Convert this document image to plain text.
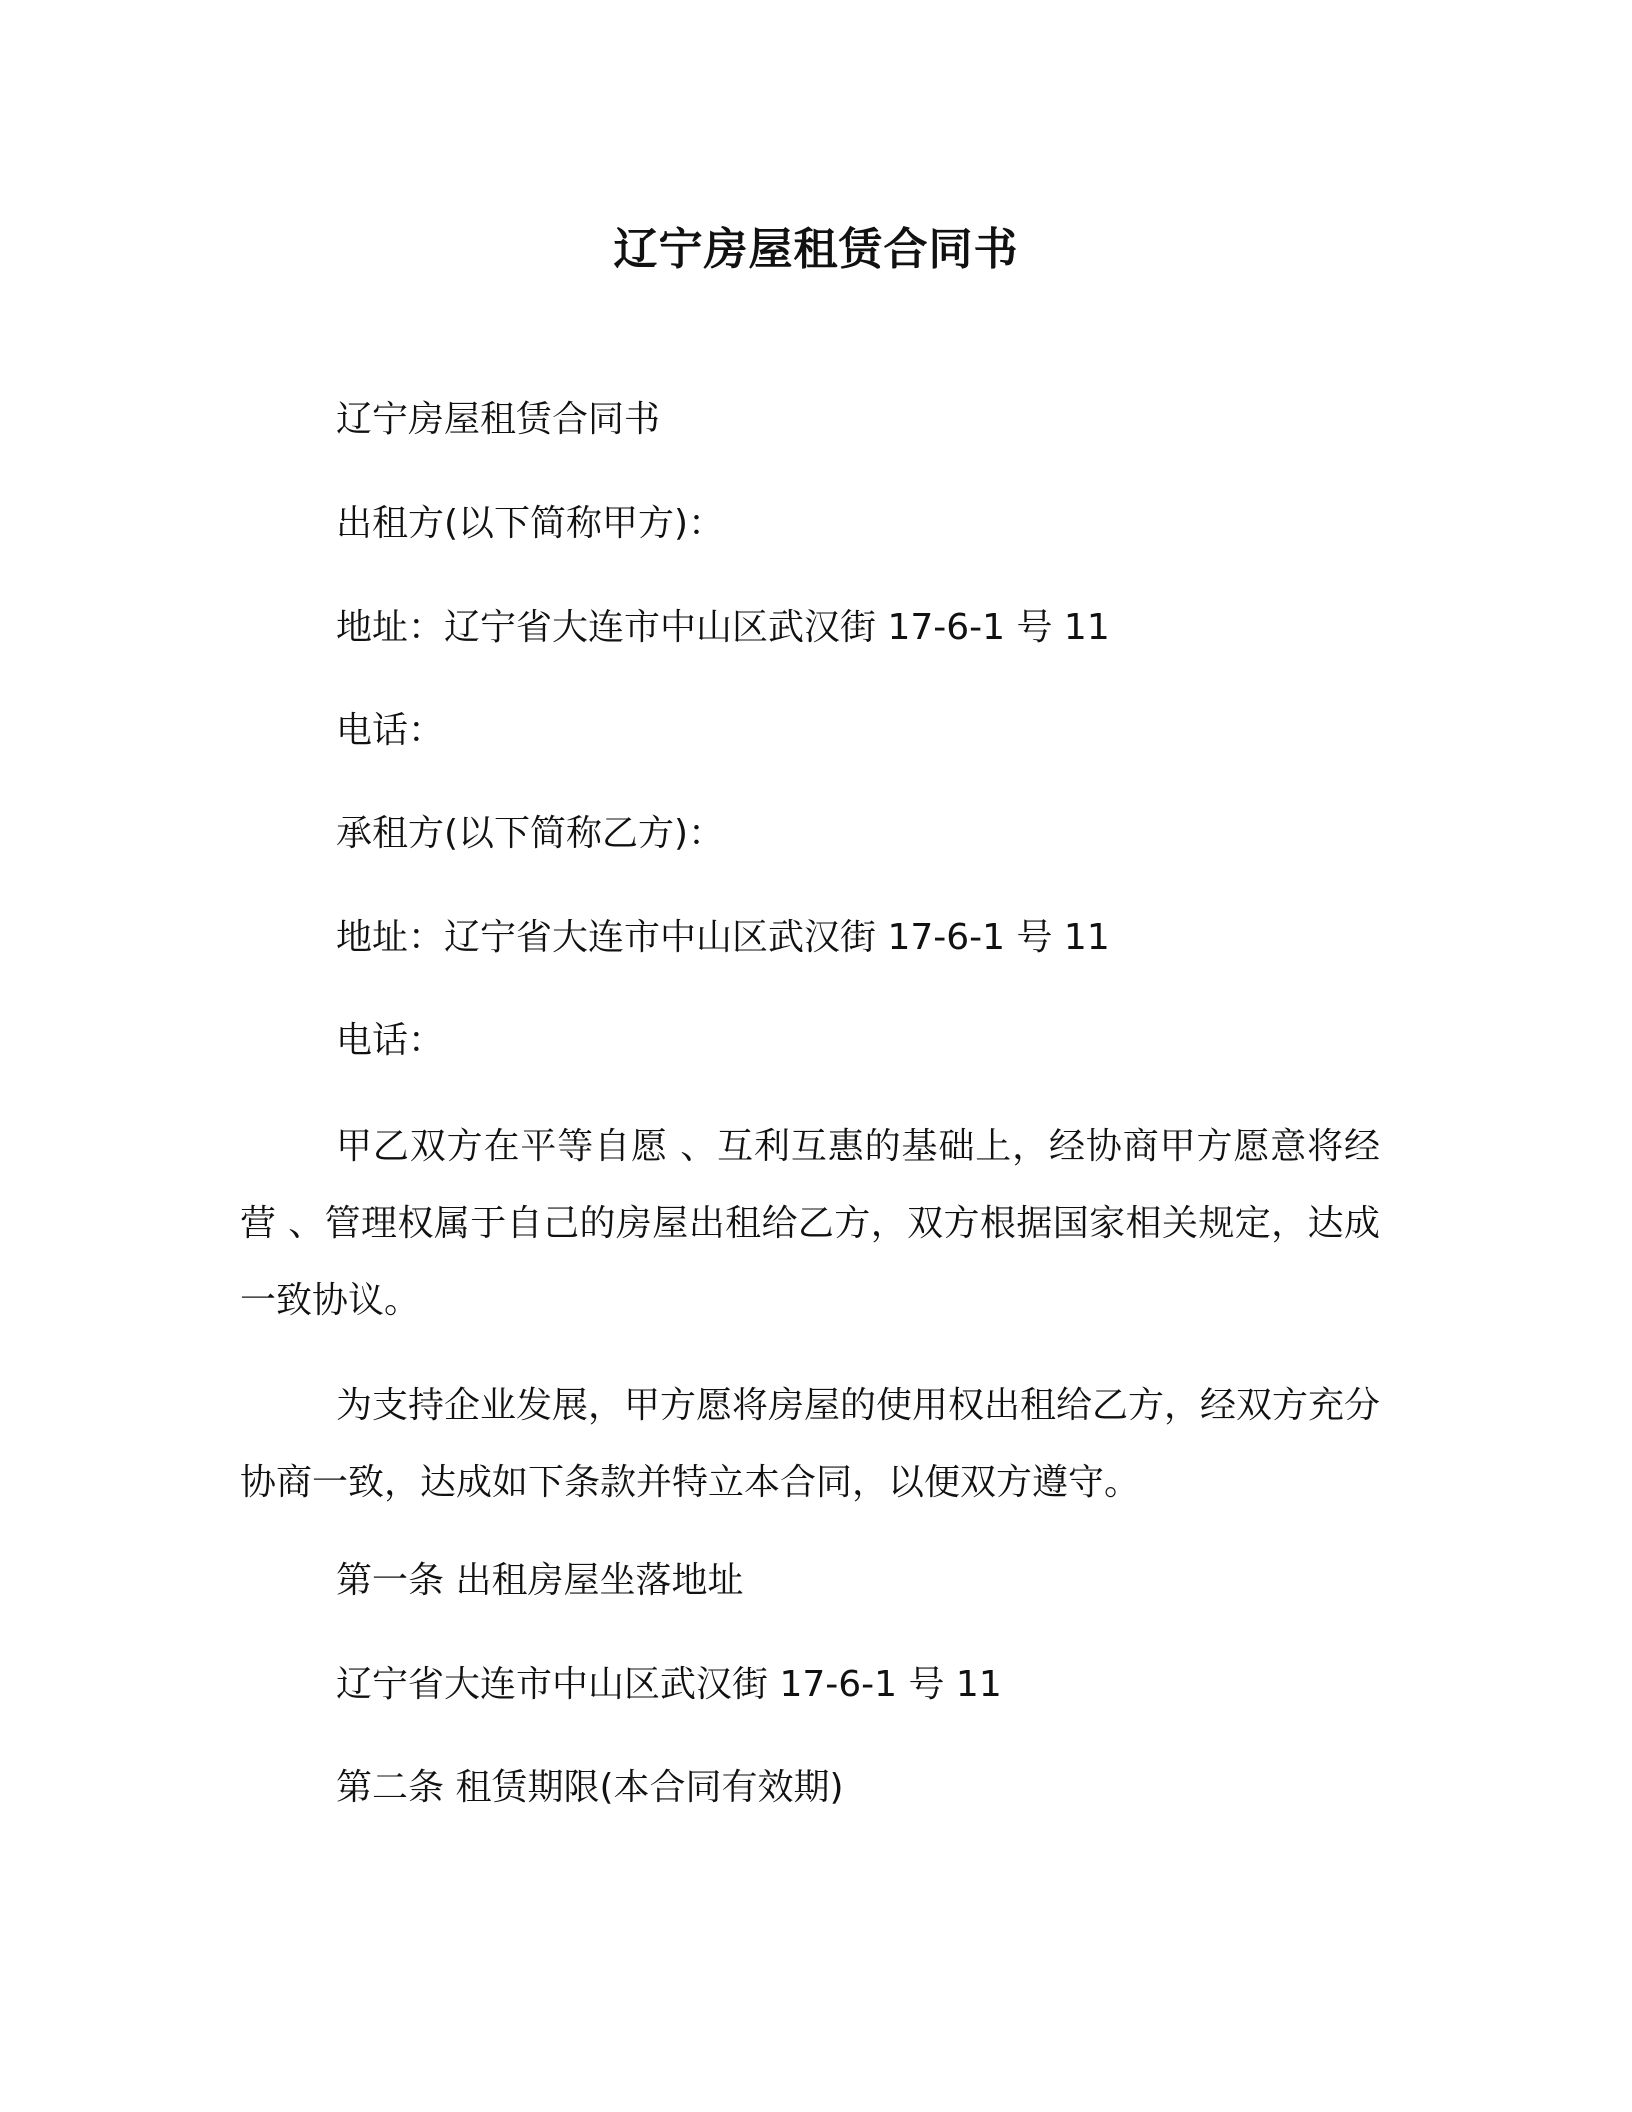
辽宁房屋租赁合同书
辽宁房屋租赁合同书
出租方(以下简称甲方)：
地址：辽宁省大连市中山区武汉街 17-6-1 号 11
电话：
承租方(以下简称乙方)：
地址：辽宁省大连市中山区武汉街 17-6-1 号 11
电话：
甲乙双方在平等自愿 、互利互惠的基础上，经协商甲方愿意将经营 、管理权属于自己的房屋出租给乙方，双方根据国家相关规定，达成一致协议。
为支持企业发展，甲方愿将房屋的使用权出租给乙方，经双方充分协商一致，达成如下条款并特立本合同，以便双方遵守。
第一条 出租房屋坐落地址
辽宁省大连市中山区武汉街 17-6-1 号 11
第二条 租赁期限(本合同有效期)
